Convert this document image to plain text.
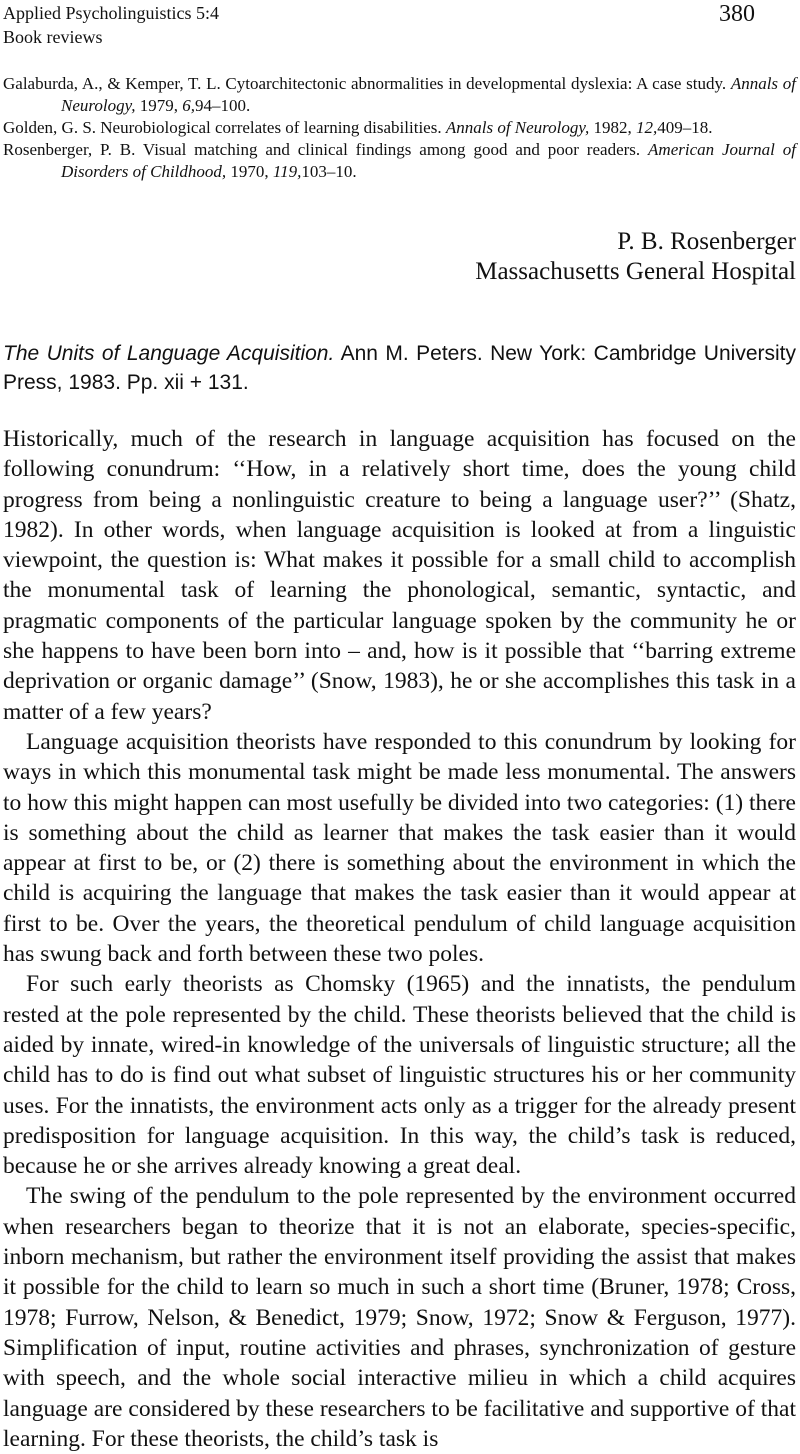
Applied Psycholinguistics 5:4
Book reviews
380
Galaburda, A., & Kemper, T. L. Cytoarchitectonic abnormalities in developmental dyslexia: A case study. Annals of Neurology, 1979, 6,94–100.
Golden, G. S. Neurobiological correlates of learning disabilities. Annals of Neurology, 1982, 12,409–18.
Rosenberger, P. B. Visual matching and clinical findings among good and poor readers. American Journal of Disorders of Childhood, 1970, 119,103–10.
P. B. Rosenberger
Massachusetts General Hospital
The Units of Language Acquisition. Ann M. Peters. New York: Cambridge University Press, 1983. Pp. xii + 131.

Historically, much of the research in language acquisition has focused on the following conundrum: ‘‘How, in a relatively short time, does the young child progress from being a nonlinguistic creature to being a language user?’’ (Shatz, 1982). In other words, when language acquisition is looked at from a linguistic viewpoint, the question is: What makes it possible for a small child to accomplish the monumental task of learning the phonological, semantic, syntactic, and pragmatic components of the particular language spoken by the community he or she happens to have been born into – and, how is it possible that ‘‘barring extreme deprivation or organic damage’’ (Snow, 1983), he or she accomplishes this task in a matter of a few years?

Language acquisition theorists have responded to this conundrum by looking for ways in which this monumental task might be made less monumental. The answers to how this might happen can most usefully be divided into two categories: (1) there is something about the child as learner that makes the task easier than it would appear at first to be, or (2) there is something about the environment in which the child is acquiring the language that makes the task easier than it would appear at first to be. Over the years, the theoretical pendulum of child language acquisition has swung back and forth between these two poles.

For such early theorists as Chomsky (1965) and the innatists, the pendulum rested at the pole represented by the child. These theorists believed that the child is aided by innate, wired-in knowledge of the universals of linguistic structure; all the child has to do is find out what subset of linguistic structures his or her community uses. For the innatists, the environment acts only as a trigger for the already present predisposition for language acquisition. In this way, the child’s task is reduced, because he or she arrives already knowing a great deal.

The swing of the pendulum to the pole represented by the environment occurred when researchers began to theorize that it is not an elaborate, species-specific, inborn mechanism, but rather the environment itself providing the assist that makes it possible for the child to learn so much in such a short time (Bruner, 1978; Cross, 1978; Furrow, Nelson, & Benedict, 1979; Snow, 1972; Snow & Ferguson, 1977). Simplification of input, routine activities and phrases, synchronization of gesture with speech, and the whole social interactive milieu in which a child acquires language are considered by these researchers to be facilitative and supportive of that learning. For these theorists, the child’s task is
